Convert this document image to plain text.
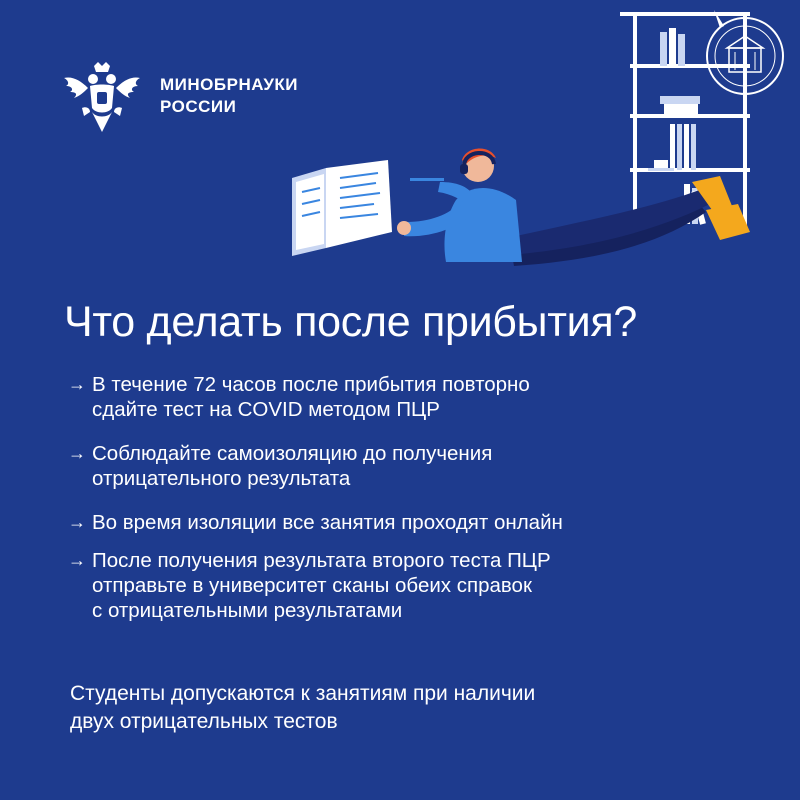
МИНОБРНАУКИ
РОССИИ
Что делать после прибытия?
→ В течение 72 часов после прибытия повторно
сдайте тест на COVID методом ПЦР
→ Соблюдайте самоизоляцию до получения
отрицательного результата
→ Во время изоляции все занятия проходят онлайн
→ После получения результата второго теста ПЦР
отправьте в университет сканы обеих справок
с отрицательными результатами
Студенты допускаются к занятиям при наличии
двух отрицательных тестов
